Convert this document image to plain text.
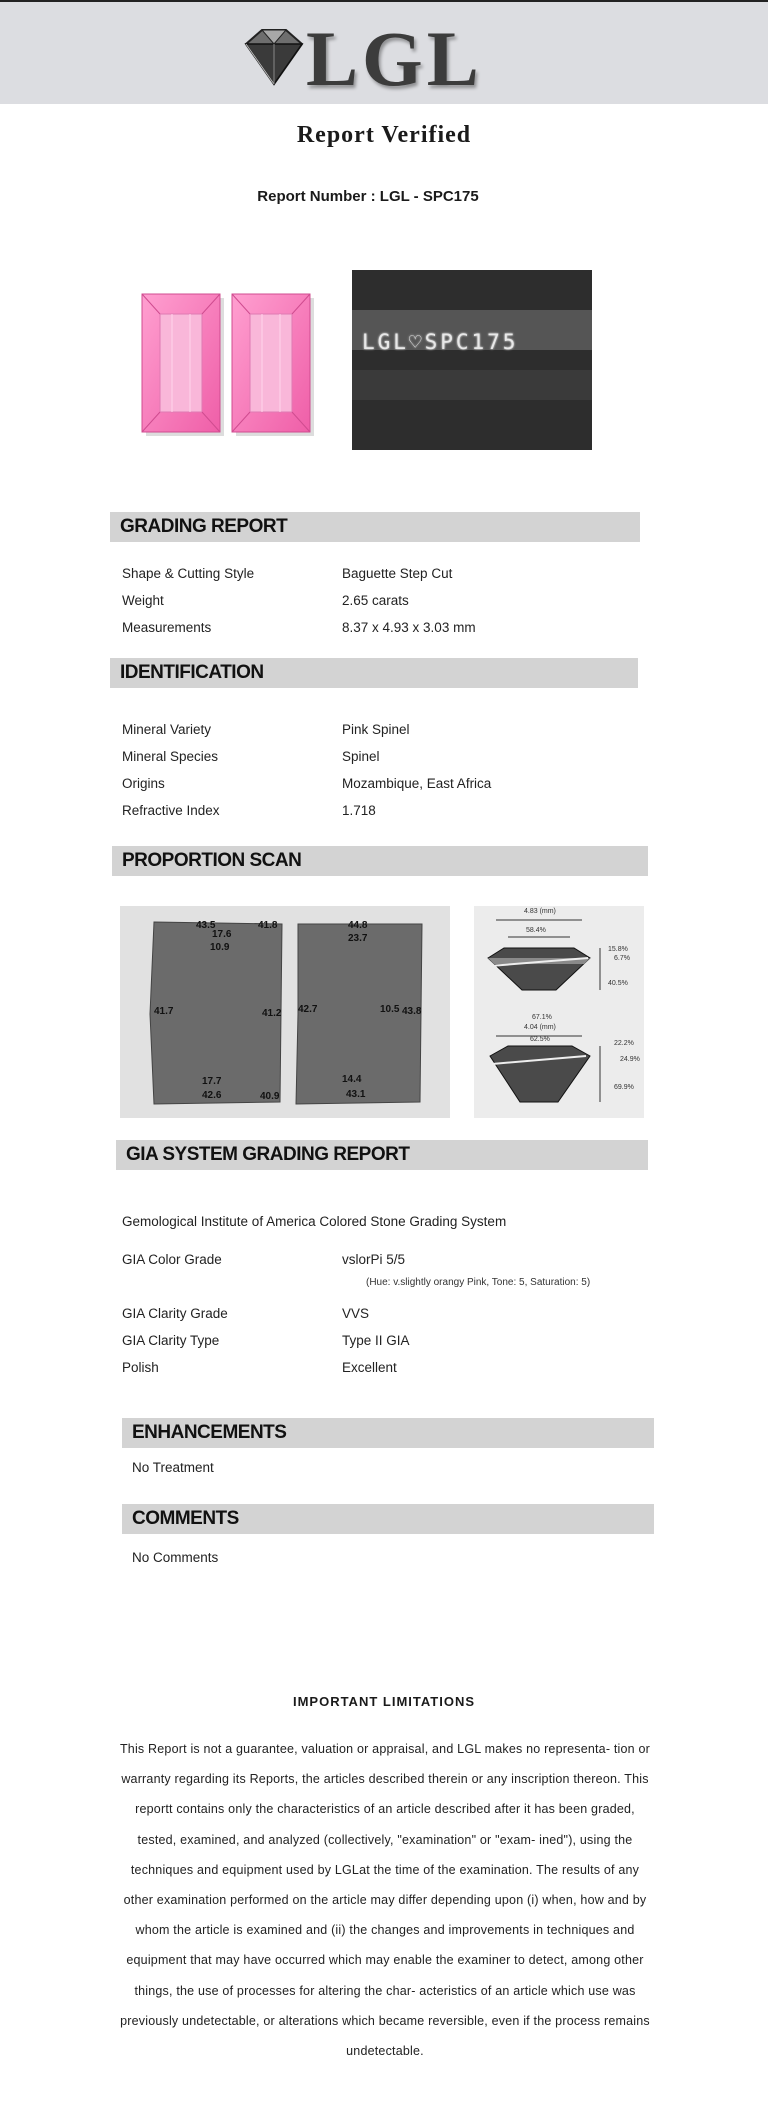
LGL
Report Verified
Report Number : LGL - SPC175
LGL♡SPC175
GRADING REPORT
Shape & Cutting Style	Baguette Step Cut
Weight	2.65 carats
Measurements	8.37 x 4.93 x 3.03 mm
IDENTIFICATION
Mineral Variety	Pink Spinel
Mineral Species	Spinel
Origins	Mozambique, East Africa
Refractive Index	1.718
PROPORTION SCAN
43.5
17.6
41.8
10.9
41.7	41.2
17.7
42.6	40.9
44.8
23.7
42.7	10.5 43.8
14.4
43.1
4.83 (mm)
58.4%
15.8%
6.7%
40.5%
67.1%
4.04 (mm)
62.5%
22.2%
24.9%
69.9%
GIA SYSTEM GRADING REPORT
Gemological Institute of America Colored Stone Grading System
GIA Color Grade	vslorPi 5/5
(Hue: v.slightly orangy Pink, Tone: 5, Saturation: 5)
GIA Clarity Grade	VVS
GIA Clarity Type	Type II GIA
Polish	Excellent
ENHANCEMENTS
No Treatment
COMMENTS
No Comments
IMPORTANT LIMITATIONS
This Report is not a guarantee, valuation or appraisal, and LGL makes no representa- tion or warranty regarding its Reports, the articles described therein or any inscription thereon. This reportt contains only the characteristics of an article described after it has been graded, tested, examined, and analyzed (collectively, "examination" or "exam- ined"), using the techniques and equipment used by LGLat the time of the examination. The results of any other examination performed on the article may differ depending upon (i) when, how and by whom the article is examined and (ii) the changes and improvements in techniques and equipment that may have occurred which may enable the examiner to detect, among other things, the use of processes for altering the char- acteristics of an article which use was previously undetectable, or alterations which became reversible, even if the process remains undetectable.
